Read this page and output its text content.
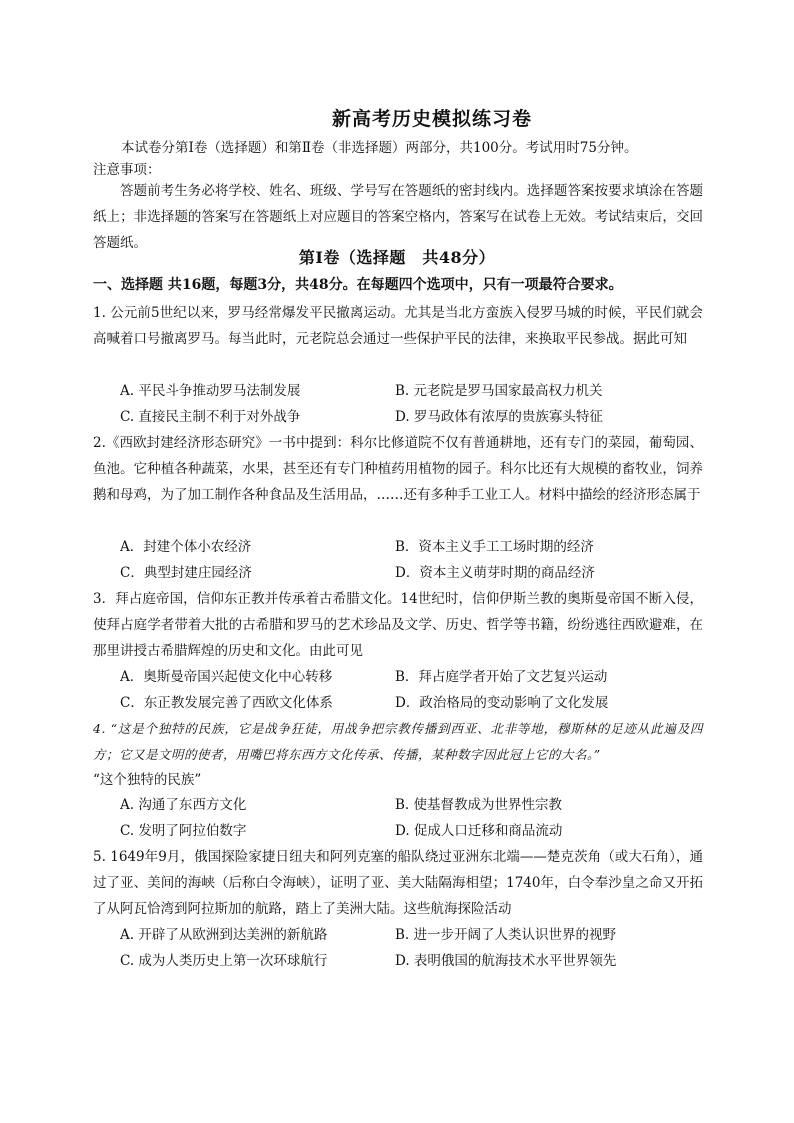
新高考历史模拟练习卷
本试卷分第Ⅰ卷（选择题）和第Ⅱ卷（非选择题）两部分，共100分。考试用时75分钟。
注意事项：
答题前考生务必将学校、姓名、班级、学号写在答题纸的密封线内。选择题答案按要求填涂在答题纸上；非选择题的答案写在答题纸上对应题目的答案空格内，答案写在试卷上无效。考试结束后，交回答题纸。
第Ⅰ卷（选择题　共48分）
一、选择题 共16题，每题3分，共48分。在每题四个选项中，只有一项最符合要求。
1. 公元前5世纪以来，罗马经常爆发平民撤离运动。尤其是当北方蛮族入侵罗马城的时候，平民们就会高喊着口号撤离罗马。每当此时，元老院总会通过一些保护平民的法律，来换取平民参战。据此可知
A. 平民斗争推动罗马法制发展	B. 元老院是罗马国家最高权力机关
C. 直接民主制不利于对外战争	D. 罗马政体有浓厚的贵族寡头特征
2.《西欧封建经济形态研究》一书中提到：科尔比修道院不仅有普通耕地，还有专门的菜园，葡萄园、鱼池。它种植各种蔬菜，水果，甚至还有专门种植药用植物的园子。科尔比还有大规模的畜牧业，饲养鹅和母鸡，为了加工制作各种食品及生活用品，……还有多种手工业工人。材料中描绘的经济形态属于
A．封建个体小农经济	B．资本主义手工工场时期的经济
C．典型封建庄园经济	D．资本主义萌芽时期的商品经济
3．拜占庭帝国，信仰东正教并传承着古希腊文化。14世纪时，信仰伊斯兰教的奥斯曼帝国不断入侵，使拜占庭学者带着大批的古希腊和罗马的艺术珍品及文学、历史、哲学等书籍，纷纷逃往西欧避难，在那里讲授古希腊辉煌的历史和文化。由此可见
A．奥斯曼帝国兴起使文化中心转移	B．拜占庭学者开始了文艺复兴运动
C．东正教发展完善了西欧文化体系	D．政治格局的变动影响了文化发展
4. “这是个独特的民族，它是战争狂徒，用战争把宗教传播到西亚、北非等地，穆斯林的足迹从此遍及四方；它又是文明的使者，用嘴巴将东西方文化传承、传播，某种数字因此冠上它的大名。”
“这个独特的民族”
A. 沟通了东西方文化	B. 使基督教成为世界性宗教
C. 发明了阿拉伯数字	D. 促成人口迁移和商品流动
5. 1649年9月，俄国探险家捷日纽夫和阿列克塞的船队绕过亚洲东北端——楚克茨角（或大石角），通过了亚、美间的海峡（后称白令海峡），证明了亚、美大陆隔海相望；1740年，白令奉沙皇之命又开拓了从阿瓦恰湾到阿拉斯加的航路，踏上了美洲大陆。这些航海探险活动
A. 开辟了从欧洲到达美洲的新航路	B. 进一步开阔了人类认识世界的视野
C. 成为人类历史上第一次环球航行	D. 表明俄国的航海技术水平世界领先
